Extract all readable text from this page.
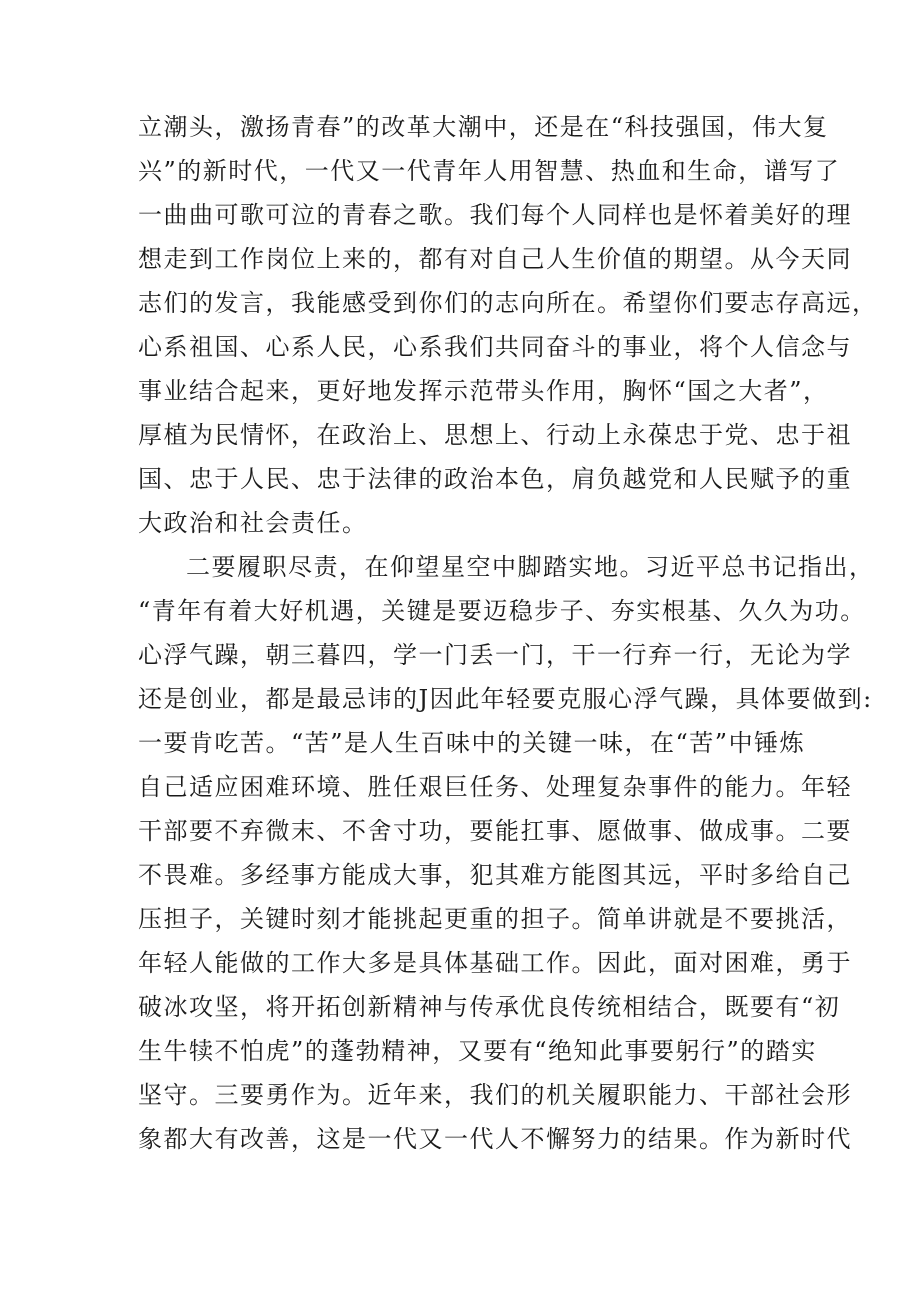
立潮头，激扬青春”的改革大潮中，还是在“科技强国，伟大复
兴”的新时代，一代又一代青年人用智慧、热血和生命，谱写了
一曲曲可歌可泣的青春之歌。我们每个人同样也是怀着美好的理
想走到工作岗位上来的，都有对自己人生价值的期望。从今天同
志们的发言，我能感受到你们的志向所在。希望你们要志存高远，
心系祖国、心系人民，心系我们共同奋斗的事业，将个人信念与
事业结合起来，更好地发挥示范带头作用，胸怀“国之大者”，
厚植为民情怀，在政治上、思想上、行动上永葆忠于党、忠于祖
国、忠于人民、忠于法律的政治本色，肩负越党和人民赋予的重
大政治和社会责任。
二要履职尽责，在仰望星空中脚踏实地。习近平总书记指出，
“青年有着大好机遇，关键是要迈稳步子、夯实根基、久久为功。
心浮气躁，朝三暮四，学一门丢一门，干一行弃一行，无论为学
还是创业，都是最忌讳的J因此年轻要克服心浮气躁，具体要做到:
一要肯吃苦。“苦”是人生百味中的关键一味，在“苦”中锤炼
自己适应困难环境、胜任艰巨任务、处理复杂事件的能力。年轻
干部要不弃微末、不舍寸功，要能扛事、愿做事、做成事。二要
不畏难。多经事方能成大事，犯其难方能图其远，平时多给自己
压担子，关键时刻才能挑起更重的担子。简单讲就是不要挑活，
年轻人能做的工作大多是具体基础工作。因此，面对困难，勇于
破冰攻坚，将开拓创新精神与传承优良传统相结合，既要有“初
生牛犊不怕虎”的蓬勃精神，又要有“绝知此事要躬行”的踏实
坚守。三要勇作为。近年来，我们的机关履职能力、干部社会形
象都大有改善，这是一代又一代人不懈努力的结果。作为新时代
